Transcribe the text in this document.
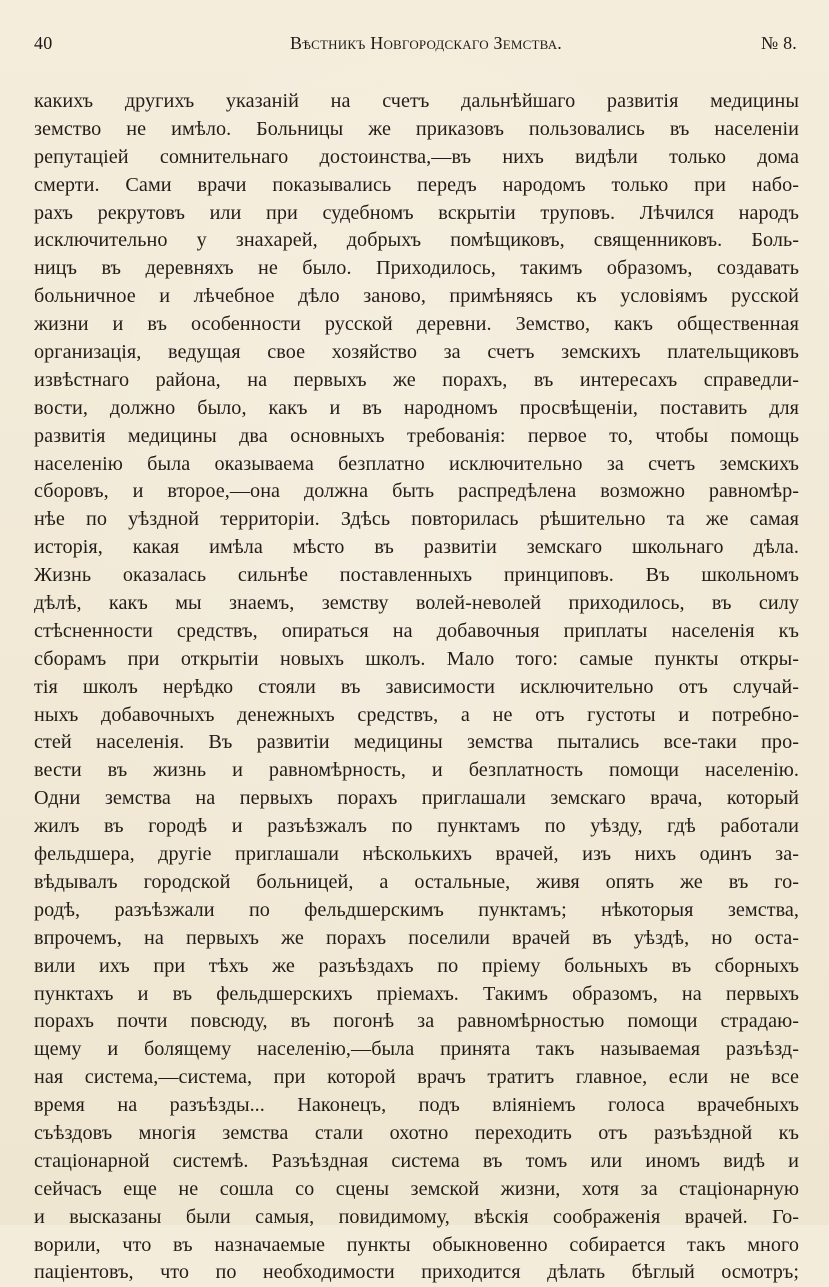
40	Вѣстникъ Новгородскаго Земства.	№ 8.
какихъ другихъ указаній на счетъ дальнѣйшаго развитія медицины
земство не имѣло. Больницы же приказовъ пользовались въ населеніи
репутаціей сомнительнаго достоинства,—въ нихъ видѣли только дома
смерти. Сами врачи показывались передъ народомъ только при набо-
рахъ рекрутовъ или при судебномъ вскрытіи труповъ. Лѣчился народъ
исключительно у знахарей, добрыхъ помѣщиковъ, священниковъ. Боль-
ницъ въ деревняхъ не было. Приходилось, такимъ образомъ, создавать
больничное и лѣчебное дѣло заново, примѣняясь къ условіямъ русской
жизни и въ особенности русской деревни. Земство, какъ общественная
организація, ведущая свое хозяйство за счетъ земскихъ плательщиковъ
извѣстнаго района, на первыхъ же порахъ, въ интересахъ справедли-
вости, должно было, какъ и въ народномъ просвѣщеніи, поставить для
развитія медицины два основныхъ требованія: первое то, чтобы помощь
населенію была оказываема безплатно исключительно за счетъ земскихъ
сборовъ, и второе,—она должна быть распредѣлена возможно равномѣр-
нѣе по уѣздной территоріи. Здѣсь повторилась рѣшительно та же самая
исторія, какая имѣла мѣсто въ развитіи земскаго школьнаго дѣла.
Жизнь оказалась сильнѣе поставленныхъ принциповъ. Въ школьномъ
дѣлѣ, какъ мы знаемъ, земству волей-неволей приходилось, въ силу
стѣсненности средствъ, опираться на добавочныя приплаты населенія къ
сборамъ при открытіи новыхъ школъ. Мало того: самые пункты откры-
тія школъ нерѣдко стояли въ зависимости исключительно отъ случай-
ныхъ добавочныхъ денежныхъ средствъ, а не отъ густоты и потребно-
стей населенія. Въ развитіи медицины земства пытались все-таки про-
вести въ жизнь и равномѣрность, и безплатность помощи населенію.
Одни земства на первыхъ порахъ приглашали земскаго врача, который
жилъ въ городѣ и разъѣзжалъ по пунктамъ по уѣзду, гдѣ работали
фельдшера, другіе приглашали нѣсколькихъ врачей, изъ нихъ одинъ за-
вѣдывалъ городской больницей, а остальные, живя опять же въ го-
родѣ, разъѣзжали по фельдшерскимъ пунктамъ; нѣкоторыя земства,
впрочемъ, на первыхъ же порахъ поселили врачей въ уѣздѣ, но оста-
вили ихъ при тѣхъ же разъѣздахъ по пріему больныхъ въ сборныхъ
пунктахъ и въ фельдшерскихъ пріемахъ. Такимъ образомъ, на первыхъ
порахъ почти повсюду, въ погонѣ за равномѣрностью помощи страдаю-
щему и болящему населенію,—была принята такъ называемая разъѣзд-
ная система,—система, при которой врачъ тратитъ главное, если не все
время на разъѣзды... Наконецъ, подъ вліяніемъ голоса врачебныхъ
съѣздовъ многія земства стали охотно переходить отъ разъѣздной къ
стаціонарной системѣ. Разъѣздная система въ томъ или иномъ видѣ и
сейчасъ еще не сошла со сцены земской жизни, хотя за стаціонарную
и высказаны были самыя, повидимому, вѣскія соображенія врачей. Го-
ворили, что въ назначаемые пункты обыкновенно собирается такъ много
паціентовъ, что по необходимости приходится дѣлать бѣглый осмотръ;
